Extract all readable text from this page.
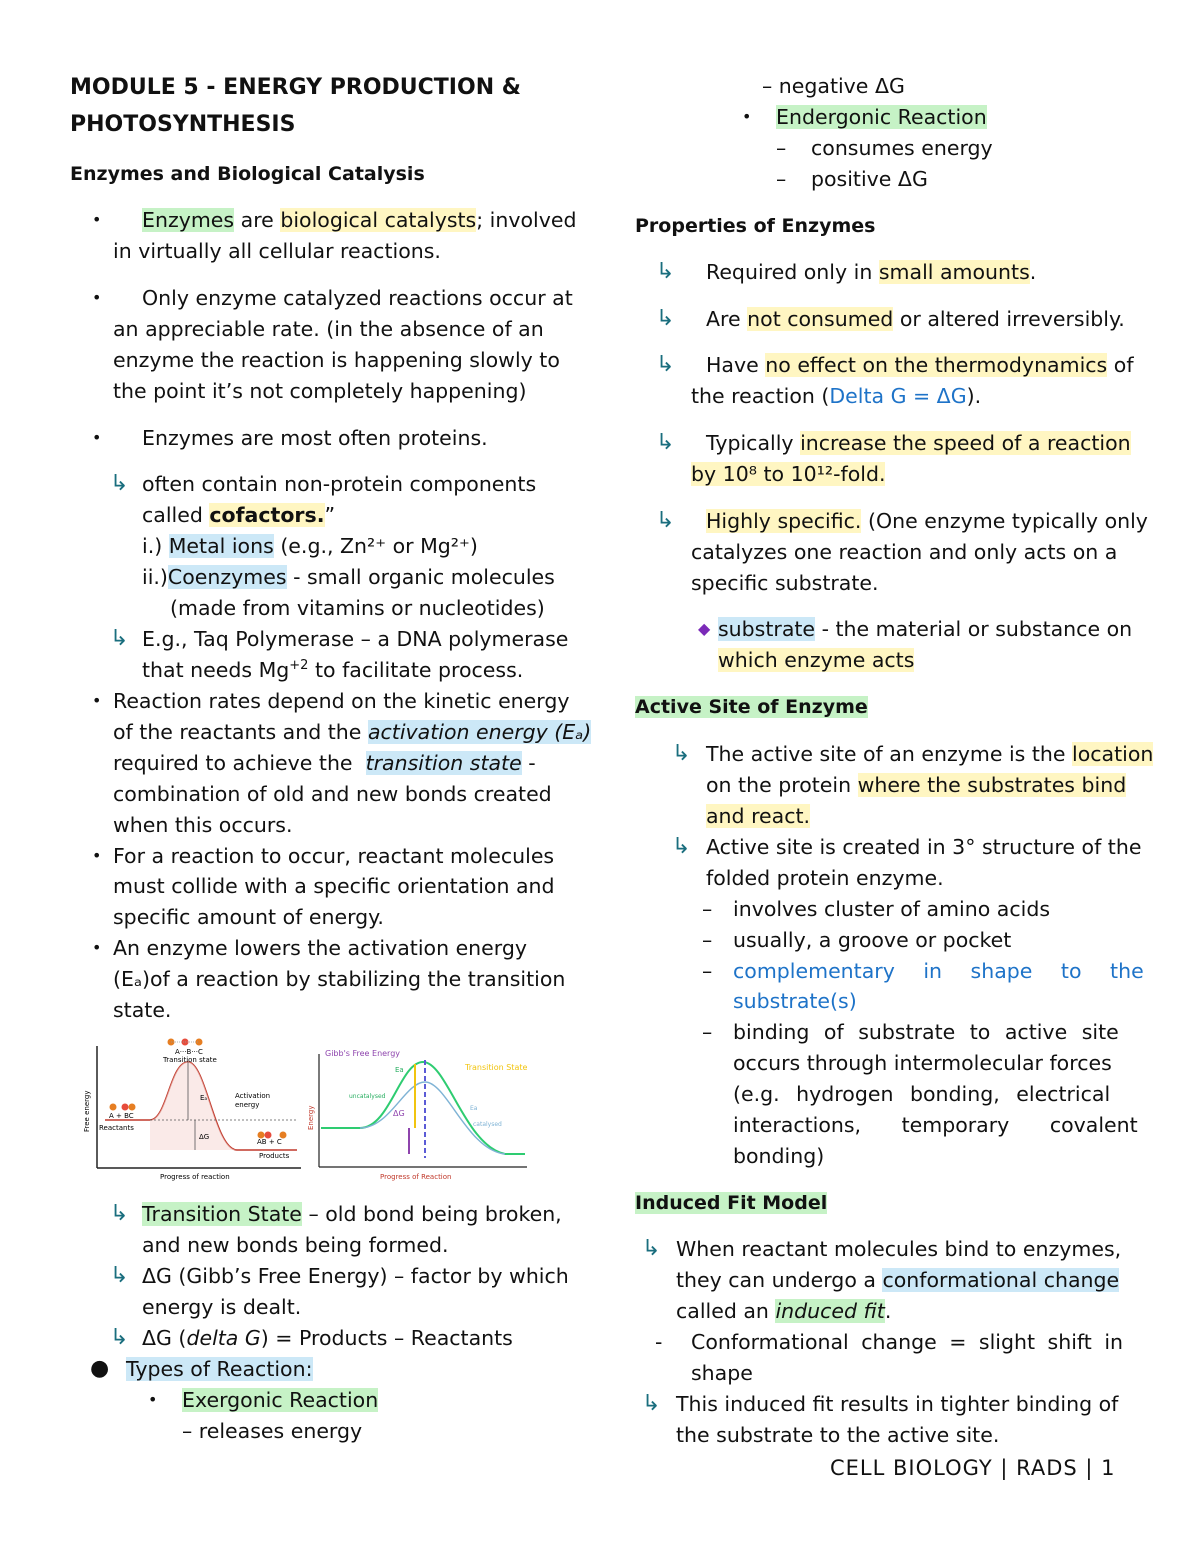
MODULE 5 - ENERGY PRODUCTION &
PHOTOSYNTHESIS
Enzymes and Biological Catalysis
• Enzymes are biological catalysts; involved
in virtually all cellular reactions.
• Only enzyme catalyzed reactions occur at
an appreciable rate. (in the absence of an
enzyme the reaction is happening slowly to
the point it’s not completely happening)
• Enzymes are most often proteins.
↳ often contain non-protein components
called cofactors.”
i.) Metal ions (e.g., Zn²⁺ or Mg²⁺)
ii.)Coenzymes - small organic molecules
(made from vitamins or nucleotides)
↳ E.g., Taq Polymerase – a DNA polymerase
that needs $Mg^{+2}$ to facilitate process.
• Reaction rates depend on the kinetic energy
of the reactants and the activation energy (Eₐ)
required to achieve the transition state -
combination of old and new bonds created
when this occurs.
• For a reaction to occur, reactant molecules
must collide with a specific orientation and
specific amount of energy.
• An enzyme lowers the activation energy
(Eₐ)of a reaction by stabilizing the transition
state.
Free energy
Progress of reaction
A···B···C
Transition state
Eₐ	Activation
energy
ΔG
A + BC
Reactants
AB + C
Products
Energy
Progress of Reaction
Gibb's Free Energy
Ea	Transition State
uncatalysed
ΔG
Ea
catalysed
↳ Transition State – old bond being broken,
and new bonds being formed.
↳ ΔG (Gibb’s Free Energy) – factor by which
energy is dealt.
↳ ΔG (delta G) = Products – Reactants
● Types of Reaction:
• Exergonic Reaction
– releases energy
– negative ΔG
• Endergonic Reaction
– consumes energy
– positive ΔG
Properties of Enzymes
↳ Required only in small amounts.
↳ Are not consumed or altered irreversibly.
↳ Have no effect on the thermodynamics of
the reaction (Delta G = ΔG).
↳ Typically increase the speed of a reaction
by 10⁸ to 10¹²-fold.
↳ Highly specific. (One enzyme typically only
catalyzes one reaction and only acts on a
specific substrate.
◆ substrate - the material or substance on
which enzyme acts
Active Site of Enzyme
↳ The active site of an enzyme is the location
on the protein where the substrates bind
and react.
↳ Active site is created in 3° structure of the
folded protein enzyme.
– involves cluster of amino acids
– usually, a groove or pocket
– complementary in shape to the
substrate(s)
– binding of substrate to active site
occurs through intermolecular forces
(e.g. hydrogen bonding, electrical
interactions, temporary covalent
bonding)
Induced Fit Model
↳ When reactant molecules bind to enzymes,
they can undergo a conformational change
called an induced fit.
- Conformational change = slight shift in
shape
↳ This induced fit results in tighter binding of
the substrate to the active site.
CELL BIOLOGY | RADS | 1
